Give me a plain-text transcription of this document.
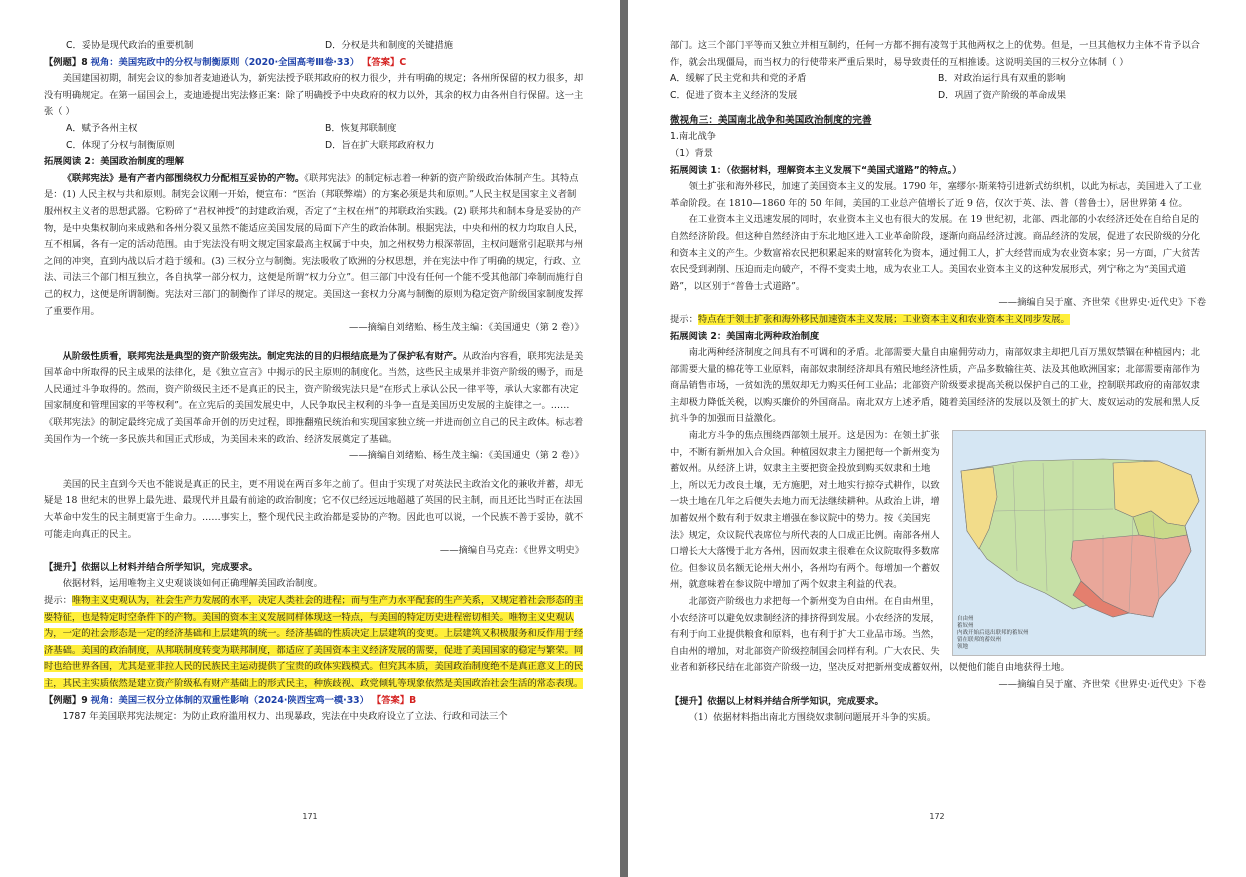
C．妥协是现代政治的重要机制	D．分权是共和制度的关键措施

【例题】8 视角：美国宪政中的分权与制衡原则（2020·全国高考Ⅲ卷·33） 【答案】C

美国建国初期，制宪会议的参加者麦迪逊认为，新宪法授予联邦政府的权力很少，并有明确的规定；各州所保留的权力很多，却没有明确规定。在第一届国会上，麦迪逊提出宪法修正案：除了明确授予中央政府的权力以外，其余的权力由各州自行保留。这一主张（ ）

A．赋予各州主权	B．恢复邦联制度
C．体现了分权与制衡原则	D．旨在扩大联邦政府权力

拓展阅读 2：美国政治制度的理解

《联邦宪法》是有产者内部围绕权力分配相互妥协的产物。《联邦宪法》的制定标志着一种新的资产阶级政治体制产生。其特点是：(1) 人民主权与共和原则。制宪会议刚一开始，便宣布：“医治（邦联弊端）的方案必须是共和原则。”人民主权是国家主义者制服州权主义者的思想武器。它粉碎了“君权神授”的封建政治观，否定了“主权在州”的邦联政治实践。(2) 联邦共和制本身是妥协的产物，是中央集权制向来成熟和各州分裂又虽然不能适应美国发展的局面下产生的政治体制。根据宪法，中央和州的权力均取自人民，互不相属，各有一定的活动范围。由于宪法没有明文规定国家最高主权属于中央，加之州权势力根深蒂固，主权问题常引起联邦与州之间的冲突，直到内战以后才趋于缓和。(3) 三权分立与制衡。宪法吸收了欧洲的分权思想，并在宪法中作了明确的规定，行政、立法、司法三个部门相互独立，各自执掌一部分权力，这便是所谓“权力分立”。但三部门中没有任何一个能不受其他部门牵制而施行自己的权力，这便是所谓制衡。宪法对三部门的制衡作了详尽的规定。美国这一套权力分离与制衡的原则为稳定资产阶级国家制度发挥了重要作用。

——摘编自刘绪贻、杨生茂主编：《美国通史（第 2 卷）》

从阶级性质看，联邦宪法是典型的资产阶级宪法。制定宪法的目的归根结底是为了保护私有财产。从政治内容看，联邦宪法是美国革命中所取得的民主成果的法律化，是《独立宣言》中揭示的民主原则的制度化。当然，这些民主成果并非资产阶级的赐予，而是人民通过斗争取得的。然而，资产阶级民主还不是真正的民主，资产阶级宪法只是“在形式上承认公民一律平等，承认大家都有决定国家制度和管理国家的平等权利”。在立宪后的美国发展史中，人民争取民主权利的斗争一直是美国历史发展的主旋律之一。……《联邦宪法》的制定最终完成了美国革命开创的历史过程，即推翻殖民统治和实现国家独立统一并进而创立自己的民主政体。标志着美国作为一个统一多民族共和国正式形成，为美国未来的政治、经济发展奠定了基础。

——摘编自刘绪贻、杨生茂主编：《美国通史（第 2 卷）》

美国的民主直到今天也不能说是真正的民主，更不用说在两百多年之前了。但由于实现了对英法民主政治文化的兼收并蓄，却无疑是 18 世纪末的世界上最先进、最现代并且最有前途的政治制度；它不仅已经远远地超越了英国的民主制，而且还比当时正在法国大革命中发生的民主制更富于生命力。……事实上，整个现代民主政治都是妥协的产物。因此也可以说，一个民族不善于妥协，就不可能走向真正的民主。

——摘编自马克垚：《世界文明史》

【提升】依据以上材料并结合所学知识，完成要求。

依据材料，运用唯物主义史观谈谈如何正确理解美国政治制度。

提示：唯物主义史观认为，社会生产力发展的水平，决定人类社会的进程；而与生产力水平配套的生产关系，又规定着社会形态的主要特征，也是特定时空条件下的产物。美国的资本主义发展同样体现这一特点，与美国的特定历史进程密切相关。唯物主义史观认为，一定的社会形态是一定的经济基础和上层建筑的统一。经济基础的性质决定上层建筑的变更。上层建筑又积极服务和反作用于经济基础。美国的政治制度，从邦联制度转变为联邦制度，都适应了美国资本主义经济发展的需要，促进了美国国家的稳定与繁荣。同时也给世界各国，尤其是亚非拉人民的民族民主运动提供了宝贵的政体实践模式。但究其本质，美国政治制度绝不是真正意义上的民主，其民主实质依然是建立资产阶级私有财产基础上的形式民主，种族歧视、政党倾轧等现象依然是美国政治社会生活的常态表现。

【例题】9 视角：美国三权分立体制的双重性影响（2024·陕西宝鸡一模·33） 【答案】B

1787 年美国联邦宪法规定：为防止政府滥用权力、出现暴政，宪法在中央政府设立了立法、行政和司法三个

171

部门。这三个部门平等而又独立并相互制约，任何一方都不拥有凌驾于其他两权之上的优势。但是，一旦其他权力主体不肯予以合作，就会出现僵局，而当权力的行使带来严重后果时，易导致责任的互相推诿。这说明美国的三权分立体制（ ）

A．缓解了民主党和共和党的矛盾	B．对政治运行具有双重的影响
C．促进了资本主义经济的发展	D．巩固了资产阶级的革命成果

微视角三：美国南北战争和美国政治制度的完善

1.南北战争

（1）背景

拓展阅读 1：（依据材料，理解资本主义发展下“美国式道路”的特点。）

领土扩张和海外移民，加速了美国资本主义的发展。1790 年，塞缪尔·斯莱特引进新式纺织机，以此为标志，美国进入了工业革命阶段。在 1810—1860 年的 50 年间，美国的工业总产值增长了近 9 倍，仅次于英、法、普（普鲁士），居世界第 4 位。

在工业资本主义迅速发展的同时，农业资本主义也有很大的发展。在 19 世纪初，北部、西北部的小农经济还处在自给自足的自然经济阶段。但这种自然经济由于东北地区进入工业革命阶段，逐渐向商品经济过渡。商品经济的发展，促进了农民阶级的分化和资本主义的产生。少数富裕农民把积累起来的财富转化为资本，通过佣工人，扩大经营而成为农业资本家；另一方面，广大贫苦农民受到剥削、压迫而走向破产，不得不变卖土地，成为农业工人。美国农业资本主义的这种发展形式，列宁称之为“美国式道路”，以区别于“普鲁士式道路”。

——摘编自吴于廑、齐世荣《世界史·近代史》下卷

提示：特点在于领土扩张和海外移民加速资本主义发展；工业资本主义和农业资本主义同步发展。

拓展阅读 2：美国南北两种政治制度

南北两种经济制度之间具有不可调和的矛盾。北部需要大量自由雇佣劳动力，南部奴隶主却把几百万黑奴禁锢在种植园内；北部需要大量的棉花等工业原料，南部奴隶制经济却具有殖民地经济性质，产品多数输往英、法及其他欧洲国家；北部需要南部作为商品销售市场，一贫如洗的黑奴却无力购买任何工业品；北部资产阶级要求提高关税以保护自己的工业，控制联邦政府的南部奴隶主却极力降低关税，以购买廉价的外国商品。南北双方上述矛盾，随着美国经济的发展以及领土的扩大、废奴运动的发展和黑人反抗斗争的加强而日益激化。

自由州
蓄奴州
内战开始后退出联邦的蓄奴州
留在联邦的蓄奴州
领地

南北方斗争的焦点围绕西部领土展开。这是因为：在领土扩张中，不断有新州加入合众国。种植园奴隶主力图把每一个新州变为蓄奴州。从经济上讲，奴隶主主要把资金投放到购买奴隶和土地上，所以无力改良土壤，无方施肥，对土地实行掠夺式耕作，以致一块土地在几年之后便失去地力而无法继续耕种。从政治上讲，增加蓄奴州个数有利于奴隶主增强在参议院中的势力。按《美国宪法》规定，众议院代表席位与所代表的人口成正比例。南部各州人口增长大大落慢于北方各州，因而奴隶主很难在众议院取得多数席位。但参议员名额无论州大州小，各州均有两个。每增加一个蓄奴州，就意味着在参议院中增加了两个奴隶主利益的代表。

北部资产阶级也力求把每一个新州变为自由州。在自由州里，小农经济可以避免奴隶制经济的排挤得到发展。小农经济的发展，有利于向工业提供粮食和原料，也有利于扩大工业品市场。当然，自由州的增加，对北部资产阶级控制国会同样有利。广大农民、失业者和新移民结在北部资产阶级一边，坚决反对把新州变成蓄奴州，以便他们能自由地获得土地。

——摘编自吴于廑、齐世荣《世界史·近代史》下卷

【提升】依据以上材料并结合所学知识，完成要求。

（1）依据材料指出南北方围绕奴隶制问题展开斗争的实质。

172
